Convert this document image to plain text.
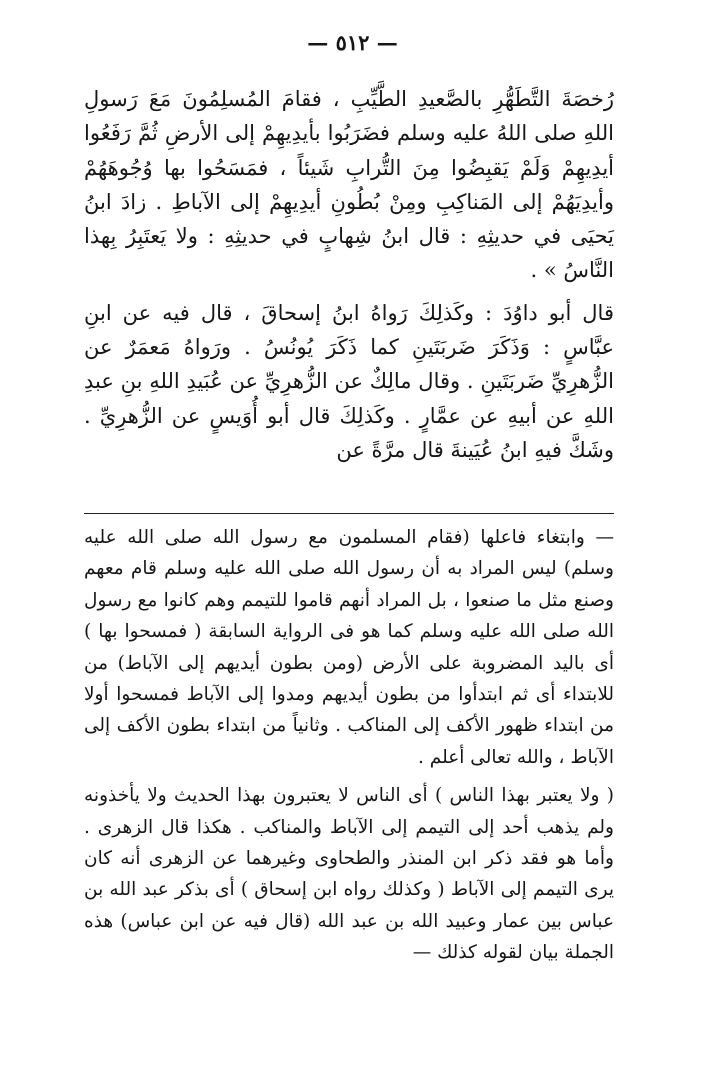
— ٥١٢ —

رُخصَةَ التَّطَهُّرِ بالصَّعيدِ الطَّيِّبِ ، فقامَ المُسلِمُونَ مَعَ رَسولِ اللهِ صلى اللهُ عليه وسلم فضَرَبُوا بأيدِيهِمْ إلى الأرضِ ثُمَّ رَفَعُوا أيدِيهِمْ وَلَمْ يَقبِضُوا مِنَ التُّرابِ شَيئاً ، فمَسَحُوا بها وُجُوهَهُمْ وأيدِيَهُمْ إلى المَناكِبِ ومِنْ بُطُونِ أيدِيهِمْ إلى الآباطِ . زادَ ابنُ يَحيَى في حديثِهِ : قال ابنُ شِهابٍ في حديثِهِ : ولا يَعتَبِرُ بِهذا النَّاسُ » .

قال أبو داوُدَ : وكَذلِكَ رَواهُ ابنُ إسحاقَ ، قال فيه عن ابنِ عبَّاسٍ : وَذَكَرَ ضَربَتَينِ كما ذَكَرَ يُونُسُ . ورَواهُ مَعمَرٌ عن الزُّهرِيِّ ضَربَتَينِ . وقال مالِكٌ عن الزُّهرِيِّ عن عُبَيدِ اللهِ بنِ عبدِ اللهِ عن أبيهِ عن عمَّارٍ . وكَذلِكَ قال أبو أُوَيسٍ عن الزُّهرِيِّ . وشَكَّ فيهِ ابنُ عُيَينةَ قال مرَّةً عن

— وابتغاء فاعلها (فقام المسلمون مع رسول الله صلى الله عليه وسلم) ليس المراد به أن رسول الله صلى الله عليه وسلم قام معهم وصنع مثل ما صنعوا ، بل المراد أنهم قاموا للتيمم وهم كانوا مع رسول الله صلى الله عليه وسلم كما هو فى الرواية السابقة ( فمسحوا بها ) أى باليد المضروبة على الأرض (ومن بطون أيديهم إلى الآباط) من للابتداء أى ثم ابتدأوا من بطون أيديهم ومدوا إلى الآباط فمسحوا أولا من ابتداء ظهور الأكف إلى المناكب . وثانياً من ابتداء بطون الأكف إلى الآباط ، والله تعالى أعلم .

( ولا يعتبر بهذا الناس ) أى الناس لا يعتبرون بهذا الحديث ولا يأخذونه ولم يذهب أحد إلى التيمم إلى الآباط والمناكب . هكذا قال الزهرى . وأما هو فقد ذكر ابن المنذر والطحاوى وغيرهما عن الزهرى أنه كان يرى التيمم إلى الآباط ( وكذلك رواه ابن إسحاق ) أى بذكر عبد الله بن عباس بين عمار وعبيد الله بن عبد الله (قال فيه عن ابن عباس) هذه الجملة بيان لقوله كذلك —
